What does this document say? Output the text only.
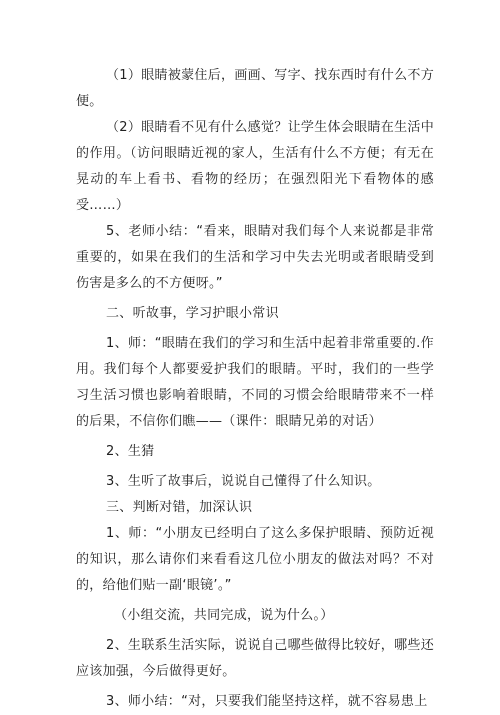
（1）眼睛被蒙住后，画画、写字、找东西时有什么不方便。

（2）眼睛看不见有什么感觉？让学生体会眼睛在生活中的作用。（访问眼睛近视的家人，生活有什么不方便；有无在晃动的车上看书、看物的经历；在强烈阳光下看物体的感受……）

5、老师小结：“看来，眼睛对我们每个人来说都是非常重要的，如果在我们的生活和学习中失去光明或者眼睛受到伤害是多么的不方便呀。”

二、听故事，学习护眼小常识

1、师：“眼睛在我们的学习和生活中起着非常重要的.作用。我们每个人都要爱护我们的眼睛。平时，我们的一些学习生活习惯也影响着眼睛，不同的习惯会给眼睛带来不一样的后果，不信你们瞧——（课件：眼睛兄弟的对话）

2、生猜

3、生听了故事后，说说自己懂得了什么知识。

三、判断对错，加深认识

1、师：“小朋友已经明白了这么多保护眼睛、预防近视的知识，那么请你们来看看这几位小朋友的做法对吗？不对的，给他们贴一副‘眼镜’。”

（小组交流，共同完成，说为什么。）

2、生联系生活实际，说说自己哪些做得比较好，哪些还应该加强，今后做得更好。

3、师小结：“对，只要我们能坚持这样，就不容易患上
